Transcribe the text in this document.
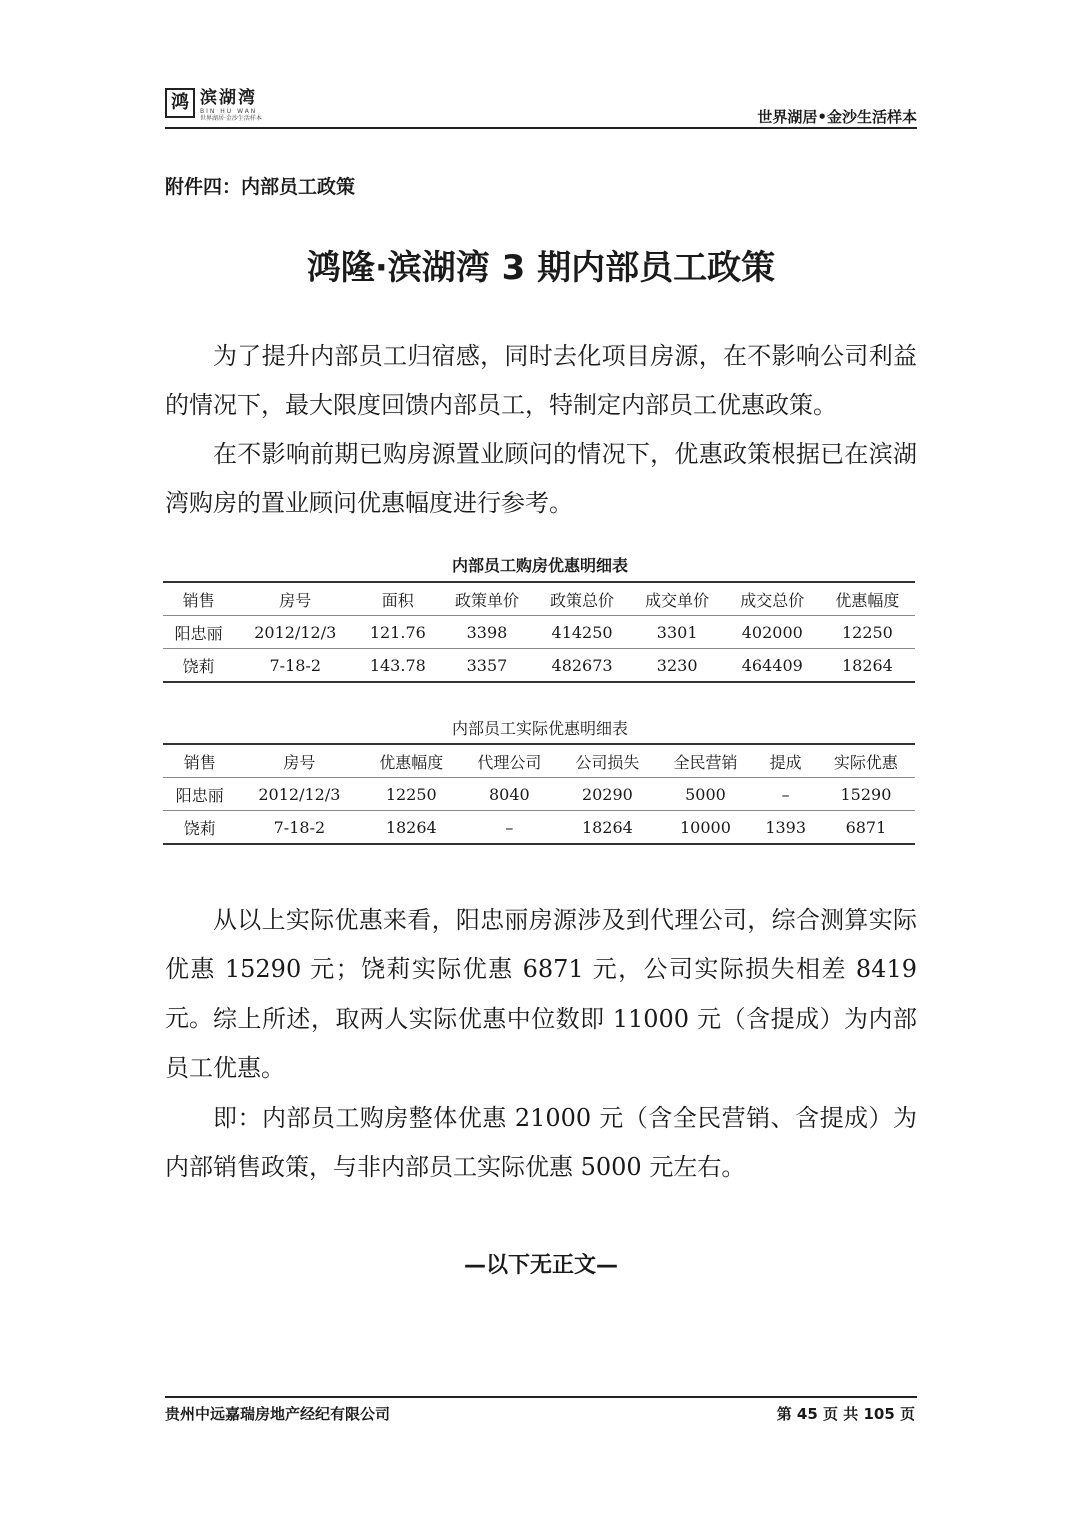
鸿 滨湖湾
BIN HU WAN
世界湖居·金沙生活样本	世界湖居•金沙生活样本
附件四：内部员工政策
鸿隆·滨湖湾 3 期内部员工政策

为了提升内部员工归宿感，同时去化项目房源，在不影响公司利益的情况下，最大限度回馈内部员工，特制定内部员工优惠政策。

在不影响前期已购房源置业顾问的情况下，优惠政策根据已在滨湖湾购房的置业顾问优惠幅度进行参考。

内部员工购房优惠明细表
销售	房号	面积	政策单价	政策总价	成交单价	成交总价	优惠幅度
阳忠丽	2012/12/3	121.76	3398	414250	3301	402000	12250
饶莉	7-18-2	143.78	3357	482673	3230	464409	18264
内部员工实际优惠明细表
销售	房号	优惠幅度	代理公司	公司损失	全民营销	提成	实际优惠
阳忠丽	2012/12/3	12250	8040	20290	5000	–	15290
饶莉	7-18-2	18264	–	18264	10000	1393	6871

从以上实际优惠来看，阳忠丽房源涉及到代理公司，综合测算实际优惠 15290 元；饶莉实际优惠 6871 元，公司实际损失相差 8419 元。 综上所述，取两人实际优惠中位数即 11000 元（含提成）为内部员工优惠。

即：内部员工购房整体优惠 21000 元（含全民营销、含提成）为内部销售政策，与非内部员工实际优惠 5000 元左右。

—以下无正文—
贵州中远嘉瑞房地产经纪有限公司	第 45 页 共 105 页
